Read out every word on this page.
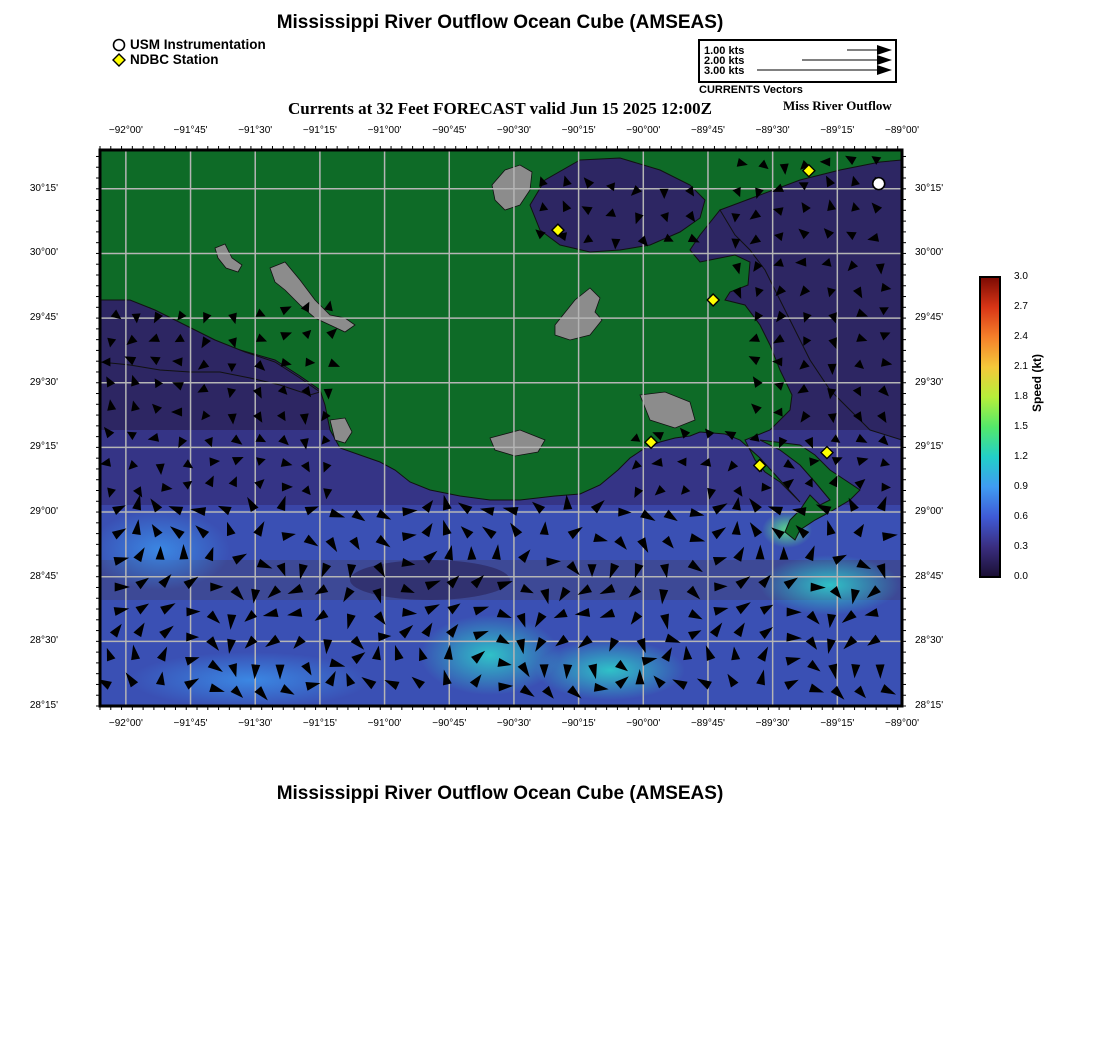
Mississippi River Outflow Ocean Cube (AMSEAS)
USM Instrumentation
NDBC Station
1.00 kts
2.00 kts
3.00 kts
CURRENTS Vectors
Currents at 32 Feet FORECAST valid Jun 15 2025 12:00Z	Miss River Outflow
−92°00'	−91°45'	−91°30'	−91°15'	−91°00'	−90°45'	−90°30'	−90°15'	−90°00'	−89°45'	−89°30'	−89°15'	−89°00'
−92°00'	−91°45'	−91°30'	−91°15'	−91°00'	−90°45'	−90°30'	−90°15'	−90°00'	−89°45'	−89°30'	−89°15'	−89°00'
30°15'
30°00'
29°45'
29°30'
29°15'
29°00'
28°45'
28°30'
28°15'
30°15'
30°00'
29°45'
29°30'
29°15'
29°00'
28°45'
28°30'
28°15'
3.0
2.7
2.4
2.1
1.8
1.5
1.2
0.9
0.6
0.3
0.0
Speed (kt)
Mississippi River Outflow Ocean Cube (AMSEAS)
